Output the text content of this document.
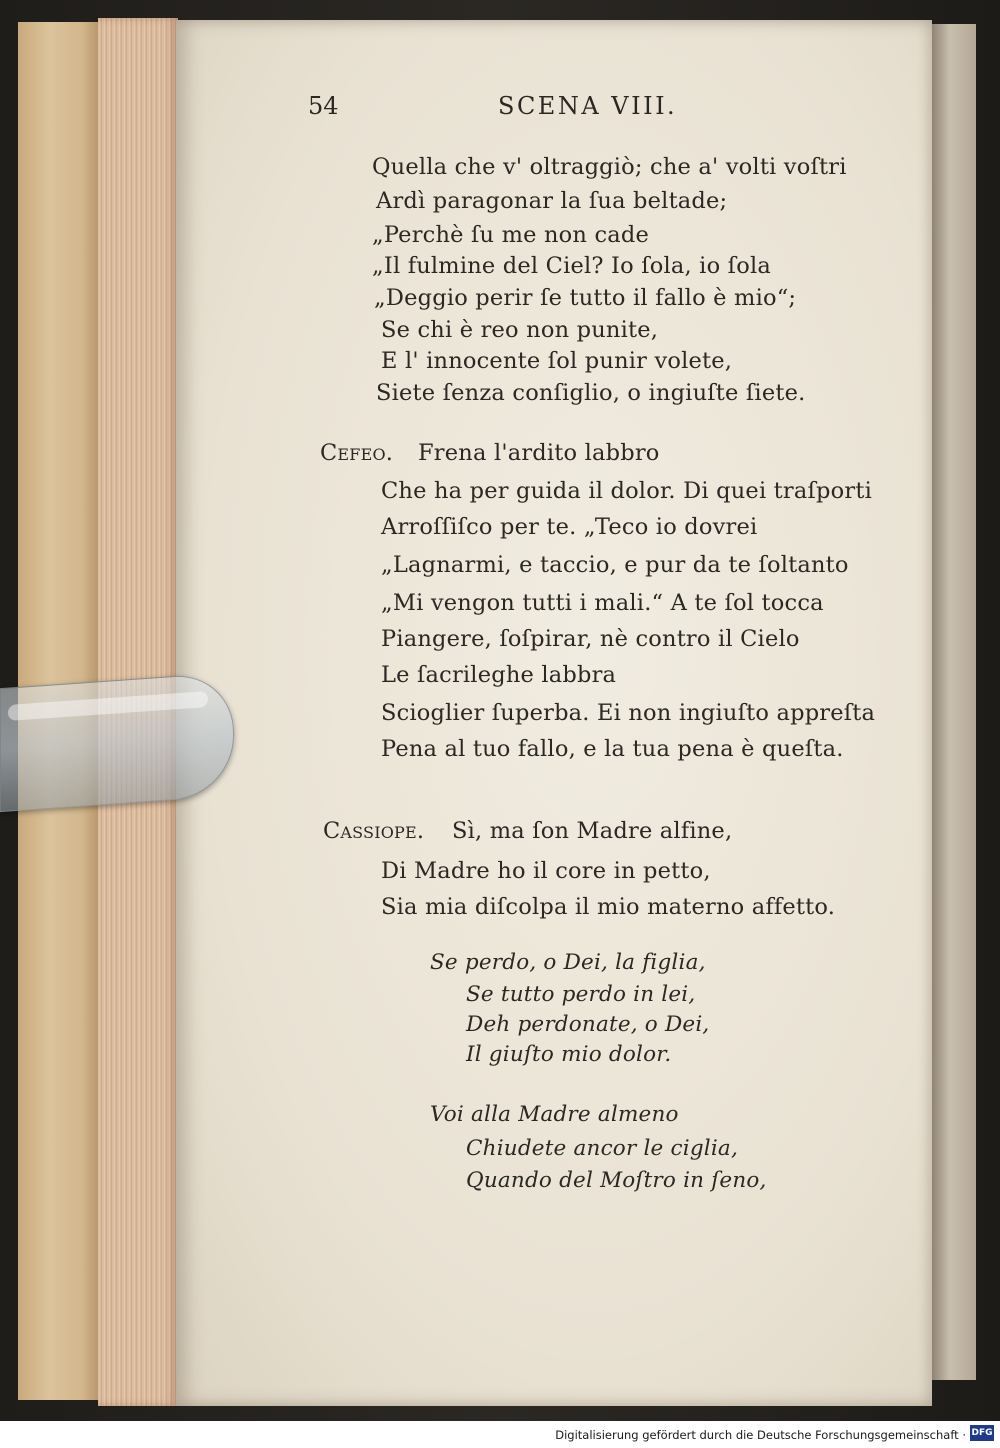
54	SCENA VIII.
Quella che v' oltraggiò; che a' volti voſtri
Ardì paragonar la ſua beltade;
„Perchè ſu me non cade
„Il fulmine del Ciel? Io ſola, io ſola
„Deggio perir ſe tutto il fallo è mio“;
Se chi è reo non punite,
E l' innocente ſol punir volete,
Siete ſenza conſiglio, o ingiuſte ſiete.
Cefeo. Frena l'ardito labbro
Che ha per guida il dolor. Di quei traſporti
Arroſſiſco per te. „Teco io dovrei
„Lagnarmi, e taccio, e pur da te ſoltanto
„Mi vengon tutti i mali.“ A te ſol tocca
Piangere, ſoſpirar, nè contro il Cielo
Le ſacrileghe labbra
Scioglier ſuperba. Ei non ingiuſto appreſta
Pena al tuo fallo, e la tua pena è queſta.
Cassiope. Sì, ma ſon Madre alfine,
Di Madre ho il core in petto,
Sia mia diſcolpa il mio materno affetto.
Se perdo, o Dei, la figlia,
Se tutto perdo in lei,
Deh perdonate, o Dei,
Il giuſto mio dolor.
Voi alla Madre almeno
Chiudete ancor le ciglia,
Quando del Moſtro in ſeno,
Digitalisierung gefördert durch die Deutsche Forschungsgemeinschaft · DFG
